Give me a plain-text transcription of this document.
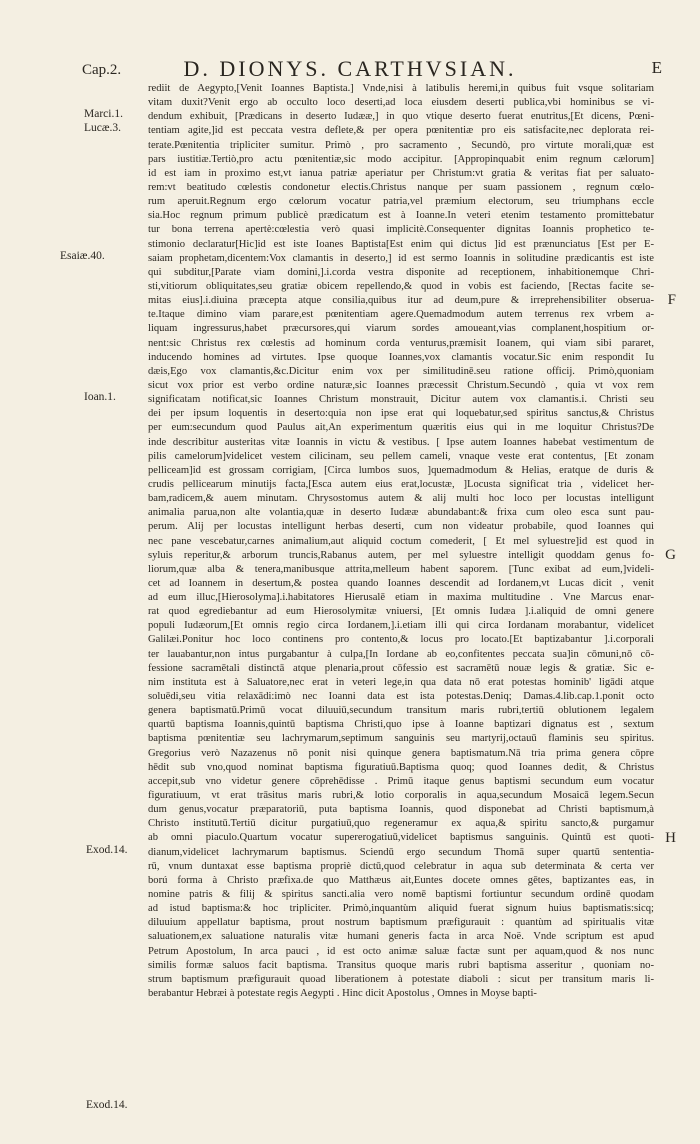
Cap.2.	D. DIONYS. CARTHVSIAN.	E
rediit de Aegypto,[Venit Ioannes Baptista.] Vnde,nisi à latibulis heremi,in quibus fuit vsque solitariam
vitam duxit?Venit ergo ab occulto loco deserti,ad loca eiusdem deserti publica,vbi hominibus se vi-
dendum exhibuit, [Prædicans in deserto Iudææ,] in quo vtique deserto fuerat enutritus,[Et dicens, Pœni-
tentiam agite,]id est peccata vestra deflete,& per opera pœnitentiæ pro eis satisfacite,nec deplorata rei-
terate.Pœnitentia tripliciter sumitur. Primò , pro sacramento , Secundò, pro virtute morali,quæ est
pars iustitiæ.Tertiò,pro actu pœnitentiæ,sic modo accipitur. [Appropinquabit enim regnum cælorum]
id est iam in proximo est,vt ianua patriæ aperiatur per Christum:vt gratia & veritas fiat per saluato-
rem:vt beatitudo cœlestis condonetur electis.Christus nanque per suam passionem , regnum cœlo-
rum aperuit.Regnum ergo cœlorum vocatur patria,vel præmium electorum, seu triumphans eccle
sia.Hoc regnum primum publicè prædicatum est à Ioanne.In veteri etenim testamento promittebatur
tur bona terrena apertè:cœlestia verò quasi implicitè.Consequenter dignitas Ioannis prophetico te-
stimonio declaratur[Hic]id est iste Ioanes Baptista[Est enim qui dictus ]id est prænunciatus [Est per E-
saiam prophetam,dicentem:Vox clamantis in deserto,] id est sermo Ioannis in solitudine prædicantis est iste
qui subditur,[Parate viam domini,].i.corda vestra disponite ad receptionem, inhabitionemque Chri-
sti,vitiorum obliquitates,seu gratiæ obicem repellendo,& quod in vobis est faciendo, [Rectas facite se-
mitas eius].i.diuina præcepta atque consilia,quibus itur ad deum,pure & irreprehensibiliter obserua-
te.Itaque dimino viam parare,est pœnitentiam agere.Quemadmodum autem terrenus rex vrbem a-
liquam ingressurus,habet præcursores,qui viarum sordes amoueant,vias complanent,hospitium or-
nent:sic Christus rex cœlestis ad hominum corda venturus,præmisit Ioanem, qui viam sibi pararet,
inducendo homines ad virtutes. Ipse quoque Ioannes,vox clamantis vocatur.Sic enim respondit Iu
dæis,Ego vox clamantis,&c.Dicitur enim vox per similitudinē.seu ratione officij. Primò,quoniam
sicut vox prior est verbo ordine naturæ,sic Ioannes præcessit Christum.Secundò , quia vt vox rem
significatam notificat,sic Ioannes Christum monstrauit, Dicitur autem vox clamantis.i. Christi seu
dei per ipsum loquentis in deserto:quia non ipse erat qui loquebatur,sed spiritus sanctus,& Christus
per eum:secundum quod Paulus ait,An experimentum quæritis eius qui in me loquitur Christus?De
inde describitur austeritas vitæ Ioannis in victu & vestibus. [ Ipse autem Ioannes habebat vestimentum de
pilis camelorum]videlicet vestem cilicinam, seu pellem cameli, vnaque veste erat contentus, [Et zonam
pelliceam]id est grossam corrigiam, [Circa lumbos suos, ]quemadmodum & Helias, eratque de duris &
crudis pellicearum minutijs facta,[Esca autem eius erat,locustæ, ]Locusta significat tria , videlicet her-
bam,radicem,& auem minutam. Chrysostomus autem & alij multi hoc loco per locustas intelligunt
animalia parua,non alte volantia,quæ in deserto Iudææ abundabant:& frixa cum oleo esca sunt pau-
perum. Alij per locustas intelligunt herbas deserti, cum non videatur probabile, quod Ioannes qui
nec pane vescebatur,carnes animalium,aut aliquid coctum comederit, [ Et mel syluestre]id est quod in
syluis reperitur,& arborum truncis,Rabanus autem, per mel syluestre intelligit quoddam genus fo-
liorum,quæ alba & tenera,manibusque attrita,melleum habent saporem. [Tunc exibat ad eum,]videli-
cet ad Ioannem in desertum,& postea quando Ioannes descendit ad Iordanem,vt Lucas dicit , venit
ad eum illuc,[Hierosolyma].i.habitatores Hierusalē etiam in maxima multitudine . Vne Marcus enar-
rat quod egrediebantur ad eum Hierosolymitæ vniuersi, [Et omnis Iudæa ].i.aliquid de omni genere
populi Iudæorum,[Et omnis regio circa Iordanem,].i.etiam illi qui circa Iordanam morabantur, videlicet
Galilæi.Ponitur hoc loco continens pro contento,& locus pro locato.[Et baptizabantur ].i.corporali
ter lauabantur,non intus purgabantur à culpa,[In Iordane ab eo,confitentes peccata sua]in cōmuni,nō cō-
fessione sacramētali distinctā atque plenaria,prout cōfessio est sacramētū nouæ legis & gratiæ. Sic e-
nim instituta est à Saluatore,nec erat in veteri lege,in qua data nō erat potestas hominib' ligādi atque
soluēdi,seu vitia relaxādi:imò nec Ioanni data est ista potestas.Deniq; Damas.4.lib.cap.1.ponit octo
genera baptismatū.Primū vocat diluuiū,secundum transitum maris rubri,tertiū oblutionem legalem
quartū baptisma Ioannis,quintū baptisma Christi,quo ipse à Ioanne baptizari dignatus est , sextum
baptisma pœnitentiæ seu lachrymarum,septimum sanguinis seu martyrij,octauū flaminis seu spiritus.
Gregorius verò Nazazenus nō ponit nisi quinque genera baptismatum.Nā tria prima genera cōpre
hēdit sub vno,quod nominat baptisma figuratiuū.Baptisma quoq; quod Ioannes dedit, & Christus
accepit,sub vno videtur genere cōprehēdisse . Primū itaque genus baptismi secundum eum vocatur
figuratiuum, vt erat trāsitus maris rubri,& lotio corporalis in aqua,secundum Mosaicā legem.Secun
dum genus,vocatur præparatoriū, puta baptisma Ioannis, quod disponebat ad Christi baptismum,à
Christo institutū.Tertiū dicitur purgatiuū,quo regeneramur ex aqua,& spiritu sancto,& purgamur
ab omni piaculo.Quartum vocatur supererogatiuū,videlicet baptismus sanguinis. Quintū est quoti-
dianum,videlicet lachrymarum baptismus. Sciendū ergo secundum Thomā super quartū sententia-
rū, vnum duntaxat esse baptisma propriè dictū,quod celebratur in aqua sub determinata & certa ver
ború forma à Christo præfixa.de quo Matthæus ait,Euntes docete omnes gētes, baptizantes eas, in
nomine patris & filij & spiritus sancti.alia vero nomē baptismi fortiuntur secundum ordinē quodam
ad istud baptisma:& hoc tripliciter. Primò,inquantùm aliquid fuerat signum huius baptismatis:sicq;
diluuium appellatur baptisma, prout nostrum baptismum præfigurauit : quantùm ad spiritualis vitæ
saluationem,ex saluatione naturalis vitæ humani generis facta in arca Noë. Vnde scriptum est apud
Petrum Apostolum, In arca pauci , id est octo animæ saluæ factæ sunt per aquam,quod & nos nunc
similis formæ saluos facit baptisma. Transitus quoque maris rubri baptisma asseritur , quoniam no-
strum baptismum præfigurauit quoad liberationem à potestate diaboli : sicut per transitum maris li-
berabantur Hebræi à potestate regis Aegypti . Hinc dicit Apostolus , Omnes in Moyse bapti-
Marci.1.
Lucæ.3.
Esaiæ.40.
Ioan.1.
Exod.14.
Exod.14.
F
G
H
